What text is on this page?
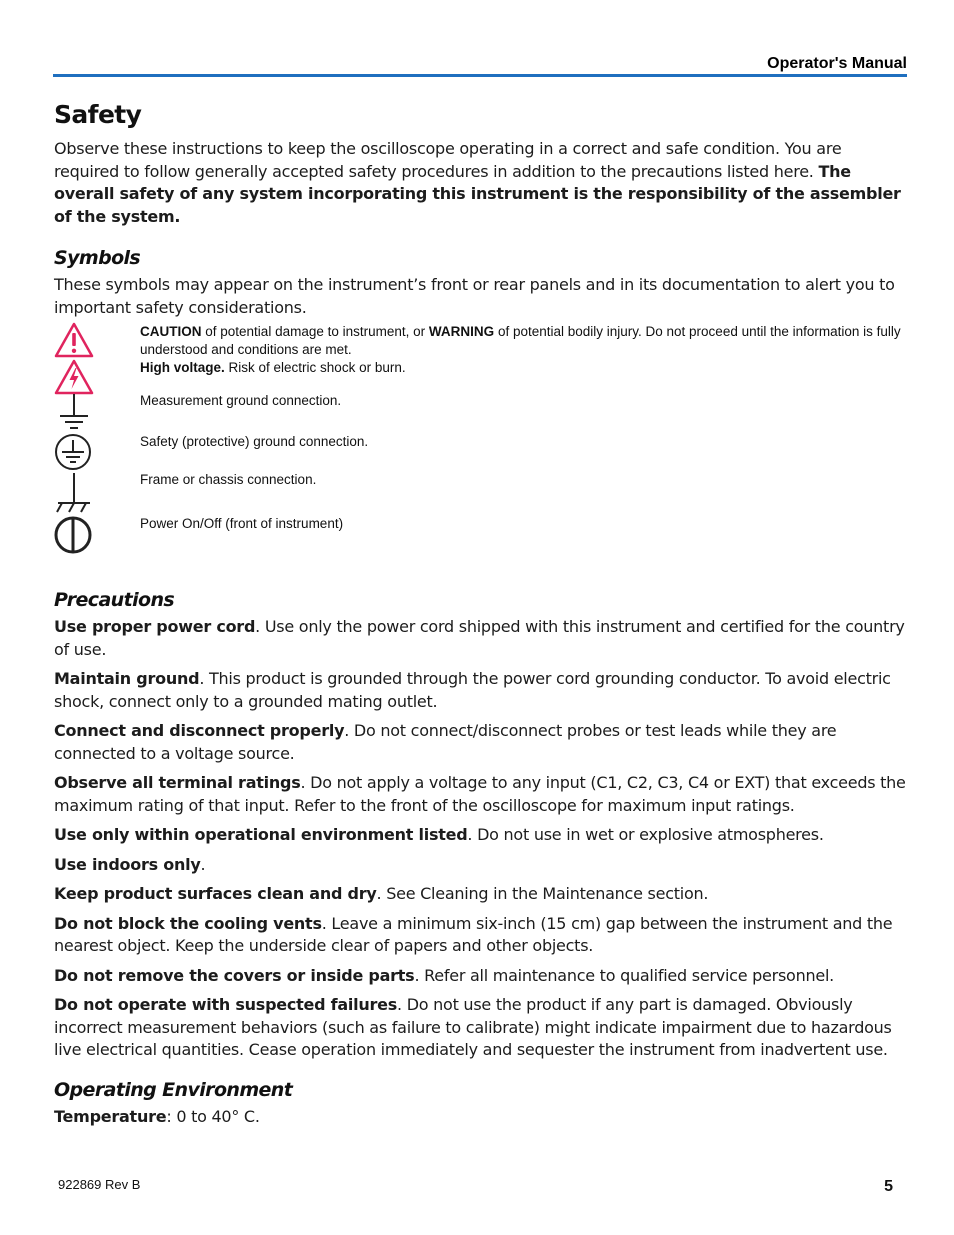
Operator's Manual
Safety

Observe these instructions to keep the oscilloscope operating in a correct and safe condition. You are required to follow generally accepted safety procedures in addition to the precautions listed here. The overall safety of any system incorporating this instrument is the responsibility of the assembler of the system.

Symbols

These symbols may appear on the instrument’s front or rear panels and in its documentation to alert you to important safety considerations.

CAUTION of potential damage to instrument, or WARNING of potential bodily injury. Do not proceed until the information is fully understood and conditions are met.
High voltage. Risk of electric shock or burn.
Measurement ground connection.
Safety (protective) ground connection.
Frame or chassis connection.
Power On/Off (front of instrument)
Precautions

Use proper power cord. Use only the power cord shipped with this instrument and certified for the country of use.

Maintain ground. This product is grounded through the power cord grounding conductor. To avoid electric shock, connect only to a grounded mating outlet.

Connect and disconnect properly. Do not connect/disconnect probes or test leads while they are connected to a voltage source.

Observe all terminal ratings. Do not apply a voltage to any input (C1, C2, C3, C4 or EXT) that exceeds the maximum rating of that input. Refer to the front of the oscilloscope for maximum input ratings.

Use only within operational environment listed. Do not use in wet or explosive atmospheres.

Use indoors only.

Keep product surfaces clean and dry. See Cleaning in the Maintenance section.

Do not block the cooling vents. Leave a minimum six-inch (15 cm) gap between the instrument and the nearest object. Keep the underside clear of papers and other objects.

Do not remove the covers or inside parts. Refer all maintenance to qualified service personnel.

Do not operate with suspected failures. Do not use the product if any part is damaged. Obviously incorrect measurement behaviors (such as failure to calibrate) might indicate impairment due to hazardous live electrical quantities. Cease operation immediately and sequester the instrument from inadvertent use.

Operating Environment

Temperature: 0 to 40° C.

922869 Rev B	5
